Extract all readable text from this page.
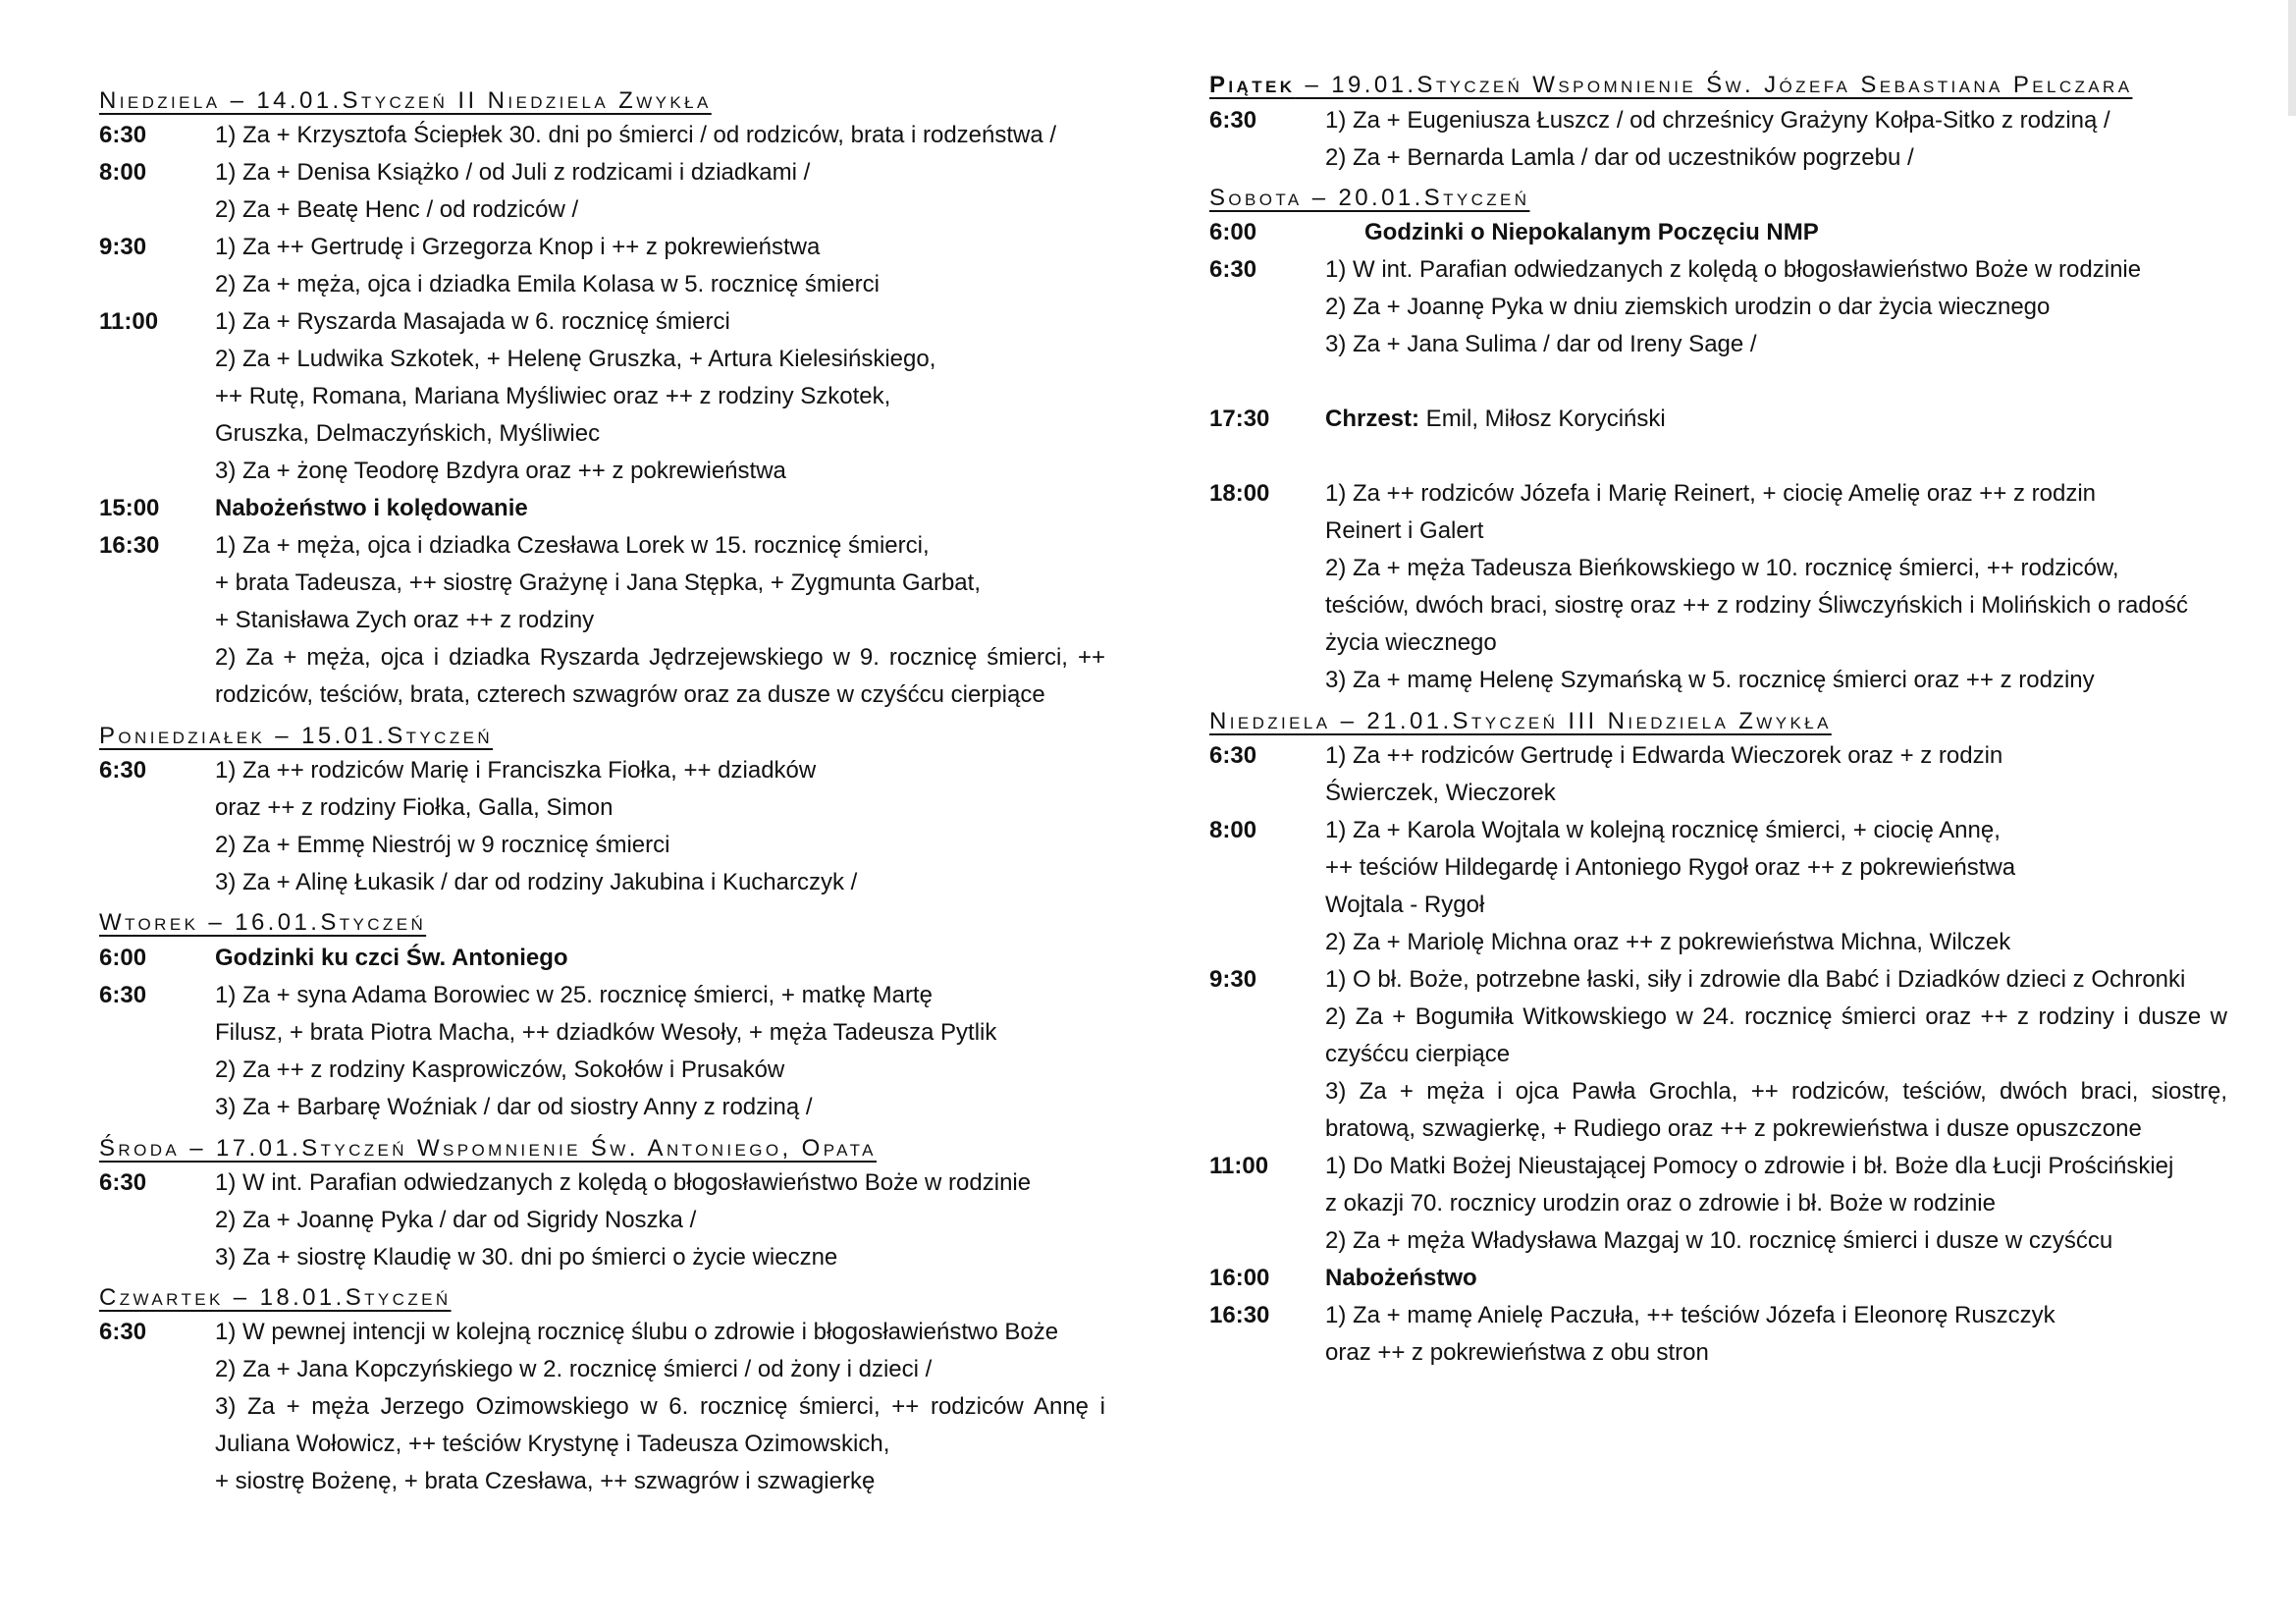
Niedziela – 14.01.Styczeń II Niedziela Zwykła
6:30	1) Za + Krzysztofa Ściepłek 30. dni po śmierci / od rodziców, brata i rodzeństwa /
8:00	1) Za + Denisa Książko / od Juli z rodzicami i dziadkami /
2) Za + Beatę Henc / od rodziców /
9:30	1) Za ++ Gertrudę i Grzegorza Knop i ++ z pokrewieństwa
2) Za + męża, ojca i dziadka Emila Kolasa w 5. rocznicę śmierci
11:00 1) Za + Ryszarda Masajada w 6. rocznicę śmierci
2) Za + Ludwika Szkotek, + Helenę Gruszka, + Artura Kielesińskiego,
++ Rutę, Romana, Mariana Myśliwiec oraz ++ z rodziny Szkotek,
Gruszka, Delmaczyńskich, Myśliwiec
3) Za + żonę Teodorę Bzdyra oraz ++ z pokrewieństwa
15:00 Nabożeństwo i kolędowanie
16:30 1) Za + męża, ojca i dziadka Czesława Lorek w 15. rocznicę śmierci,
+ brata Tadeusza, ++ siostrę Grażynę i Jana Stępka, + Zygmunta Garbat,
+ Stanisława Zych oraz ++ z rodziny
2) Za + męża, ojca i dziadka Ryszarda Jędrzejewskiego w 9. rocznicę śmierci, ++
rodziców, teściów, brata, czterech szwagrów oraz za dusze w czyśćcu cierpiące
Poniedziałek – 15.01.Styczeń
6:30	1) Za ++ rodziców Marię i Franciszka Fiołka, ++ dziadków
oraz ++ z rodziny Fiołka, Galla, Simon
2) Za + Emmę Niestrój w 9 rocznicę śmierci
3) Za + Alinę Łukasik / dar od rodziny Jakubina i Kucharczyk /
Wtorek – 16.01.Styczeń
6:00	Godzinki ku czci Św. Antoniego
6:30	1) Za + syna Adama Borowiec w 25. rocznicę śmierci, + matkę Martę
Filusz, + brata Piotra Macha, ++ dziadków Wesoły, + męża Tadeusza Pytlik
2) Za ++ z rodziny Kasprowiczów, Sokołów i Prusaków
3) Za + Barbarę Woźniak / dar od siostry Anny z rodziną /
Środa – 17.01.Styczeń Wspomnienie Św. Antoniego, Opata
6:30	1) W int. Parafian odwiedzanych z kolędą o błogosławieństwo Boże w rodzinie
2) Za + Joannę Pyka / dar od Sigridy Noszka /
3) Za + siostrę Klaudię w 30. dni po śmierci o życie wieczne
Czwartek – 18.01.Styczeń
6:30	1) W pewnej intencji w kolejną rocznicę ślubu o zdrowie i błogosławieństwo Boże
2) Za + Jana Kopczyńskiego w 2. rocznicę śmierci / od żony i dzieci /
3) Za + męża Jerzego Ozimowskiego w 6. rocznicę śmierci, ++ rodziców Annę i
Juliana Wołowicz, ++ teściów Krystynę i Tadeusza Ozimowskich,
+ siostrę Bożenę, + brata Czesława, ++ szwagrów i szwagierkę
Piątek – 19.01.Styczeń Wspomnienie Św. Józefa Sebastiana Pelczara
6:30	1) Za + Eugeniusza Łuszcz / od chrześnicy Grażyny Kołpa-Sitko z rodziną /
2) Za + Bernarda Lamla / dar od uczestników pogrzebu /
Sobota – 20.01.Styczeń
6:00	Godzinki o Niepokalanym Poczęciu NMP
6:30	1) W int. Parafian odwiedzanych z kolędą o błogosławieństwo Boże w rodzinie
2) Za + Joannę Pyka w dniu ziemskich urodzin o dar życia wiecznego
3) Za + Jana Sulima / dar od Ireny Sage /
17:30 Chrzest: Emil, Miłosz Koryciński
18:00 1) Za ++ rodziców Józefa i Marię Reinert, + ciocię Amelię oraz ++ z rodzin
Reinert i Galert
2) Za + męża Tadeusza Bieńkowskiego w 10. rocznicę śmierci, ++ rodziców,
teściów, dwóch braci, siostrę oraz ++ z rodziny Śliwczyńskich i Molińskich o radość
życia wiecznego
3) Za + mamę Helenę Szymańską w 5. rocznicę śmierci oraz ++ z rodziny
Niedziela – 21.01.Styczeń III Niedziela Zwykła
6:30	1) Za ++ rodziców Gertrudę i Edwarda Wieczorek oraz + z rodzin
Świerczek, Wieczorek
8:00	1) Za + Karola Wojtala w kolejną rocznicę śmierci, + ciocię Annę,
++ teściów Hildegardę i Antoniego Rygoł oraz ++ z pokrewieństwa
Wojtala - Rygoł
2) Za + Mariolę Michna oraz ++ z pokrewieństwa Michna, Wilczek
9:30	1) O bł. Boże, potrzebne łaski, siły i zdrowie dla Babć i Dziadków dzieci z Ochronki
2) Za + Bogumiła Witkowskiego w 24. rocznicę śmierci oraz ++ z rodziny i dusze w
czyśćcu cierpiące
3) Za + męża i ojca Pawła Grochla, ++ rodziców, teściów, dwóch braci, siostrę,
bratową, szwagierkę, + Rudiego oraz ++ z pokrewieństwa i dusze opuszczone
11:00 1) Do Matki Bożej Nieustającej Pomocy o zdrowie i bł. Boże dla Łucji Prościńskiej
z okazji 70. rocznicy urodzin oraz o zdrowie i bł. Boże w rodzinie
2) Za + męża Władysława Mazgaj w 10. rocznicę śmierci i dusze w czyśćcu
16:00 Nabożeństwo
16:30 1) Za + mamę Anielę Paczuła, ++ teściów Józefa i Eleonorę Ruszczyk
oraz ++ z pokrewieństwa z obu stron
